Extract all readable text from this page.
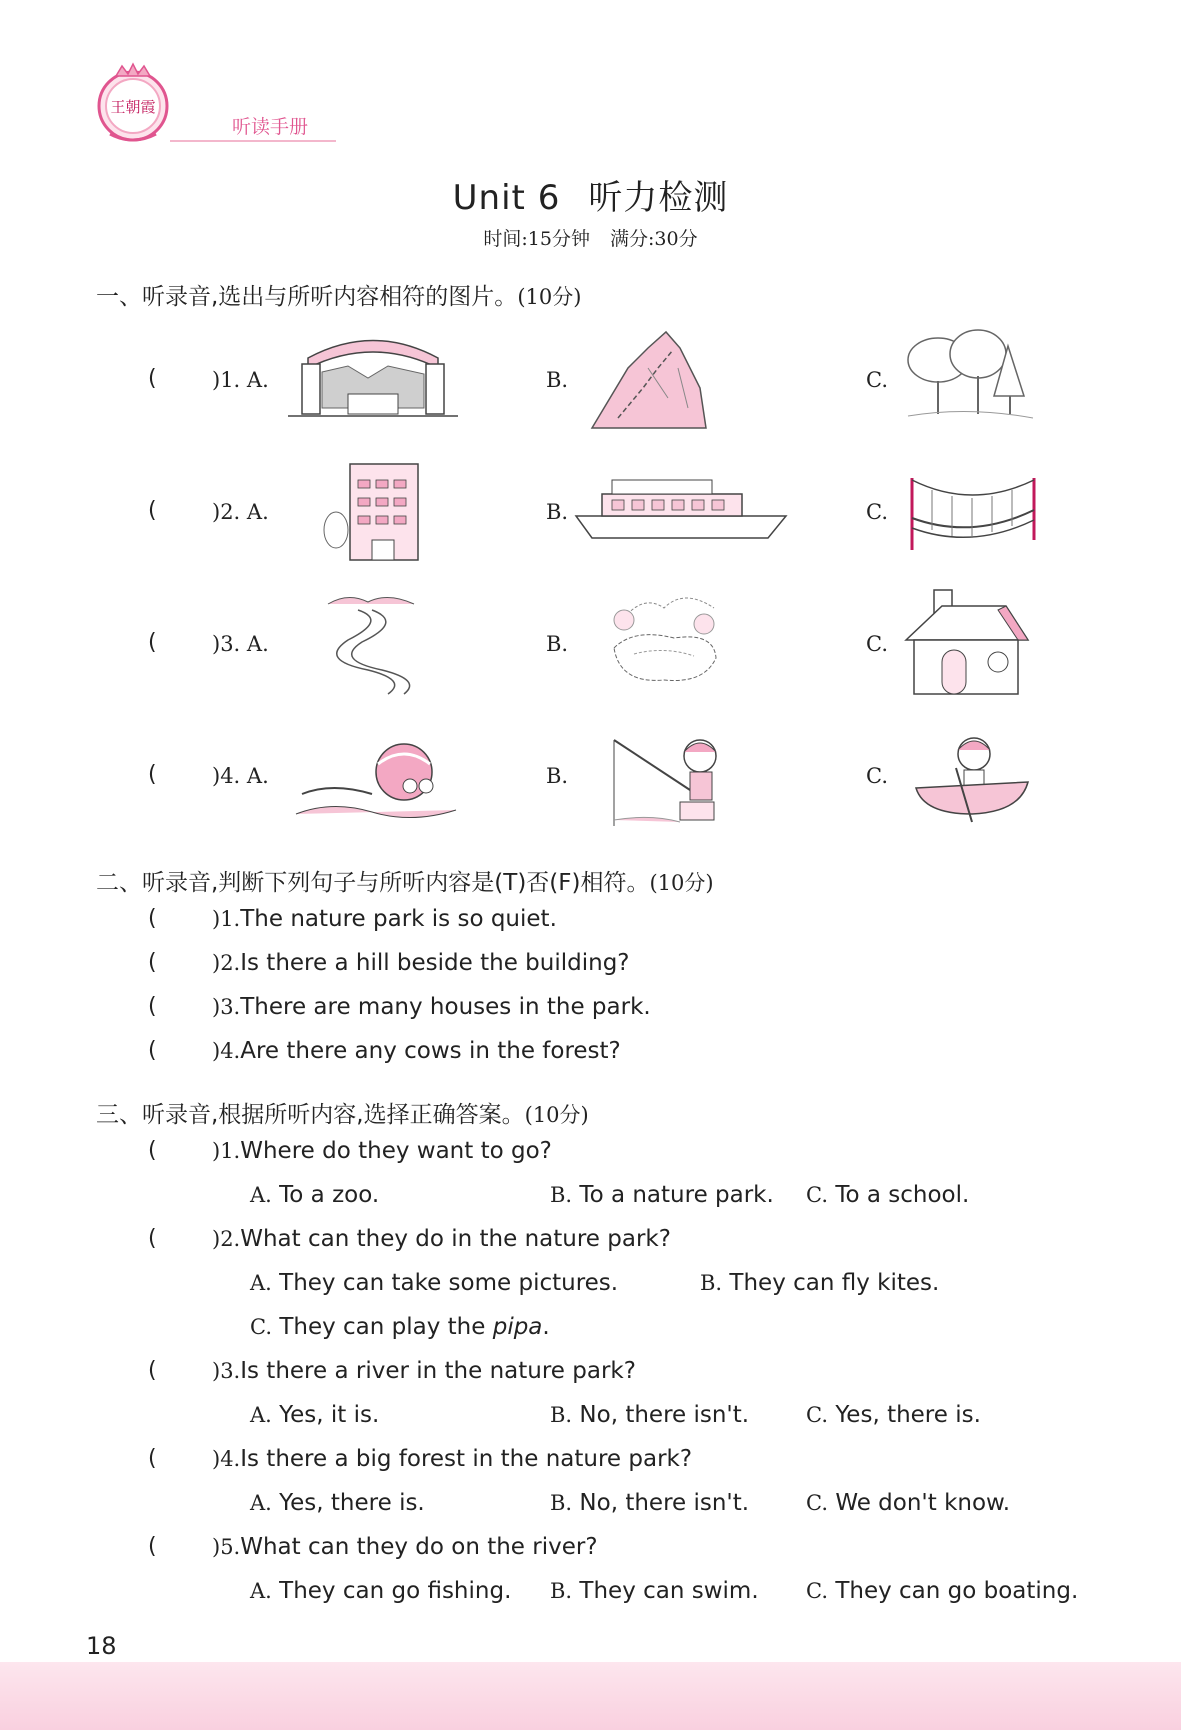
王朝霞
听读手册
Unit 6 听力检测
时间:15分钟 满分:30分
一、听录音,选出与所听内容相符的图片。(10分)
(	)1. A.	B.	C.
(	)2. A.	B.	C.
(	)3. A.	B.	C.
(	)4. A.	B.	C.
二、听录音,判断下列句子与所听内容是(T)否(F)相符。(10分)
(	)1.The nature park is so quiet.
(	)2.Is there a hill beside the building?
(	)3.There are many houses in the park.
(	)4.Are there any cows in the forest?
三、听录音,根据所听内容,选择正确答案。(10分)
(	)1.Where do they want to go?
A. To a zoo.	B. To a nature park. C. To a school.
(	)2.What can they do in the nature park?
A. They can take some pictures.	B. They can fly kites.
C. They can play the pipa.
(	)3.Is there a river in the nature park?
A. Yes, it is.	B. No, there isn't.	C. Yes, there is.
(	)4.Is there a big forest in the nature park?
A. Yes, there is.	B. No, there isn't.	C. We don't know.
(	)5.What can they do on the river?
A. They can go fishing. B. They can swim. C. They can go boating.
18
